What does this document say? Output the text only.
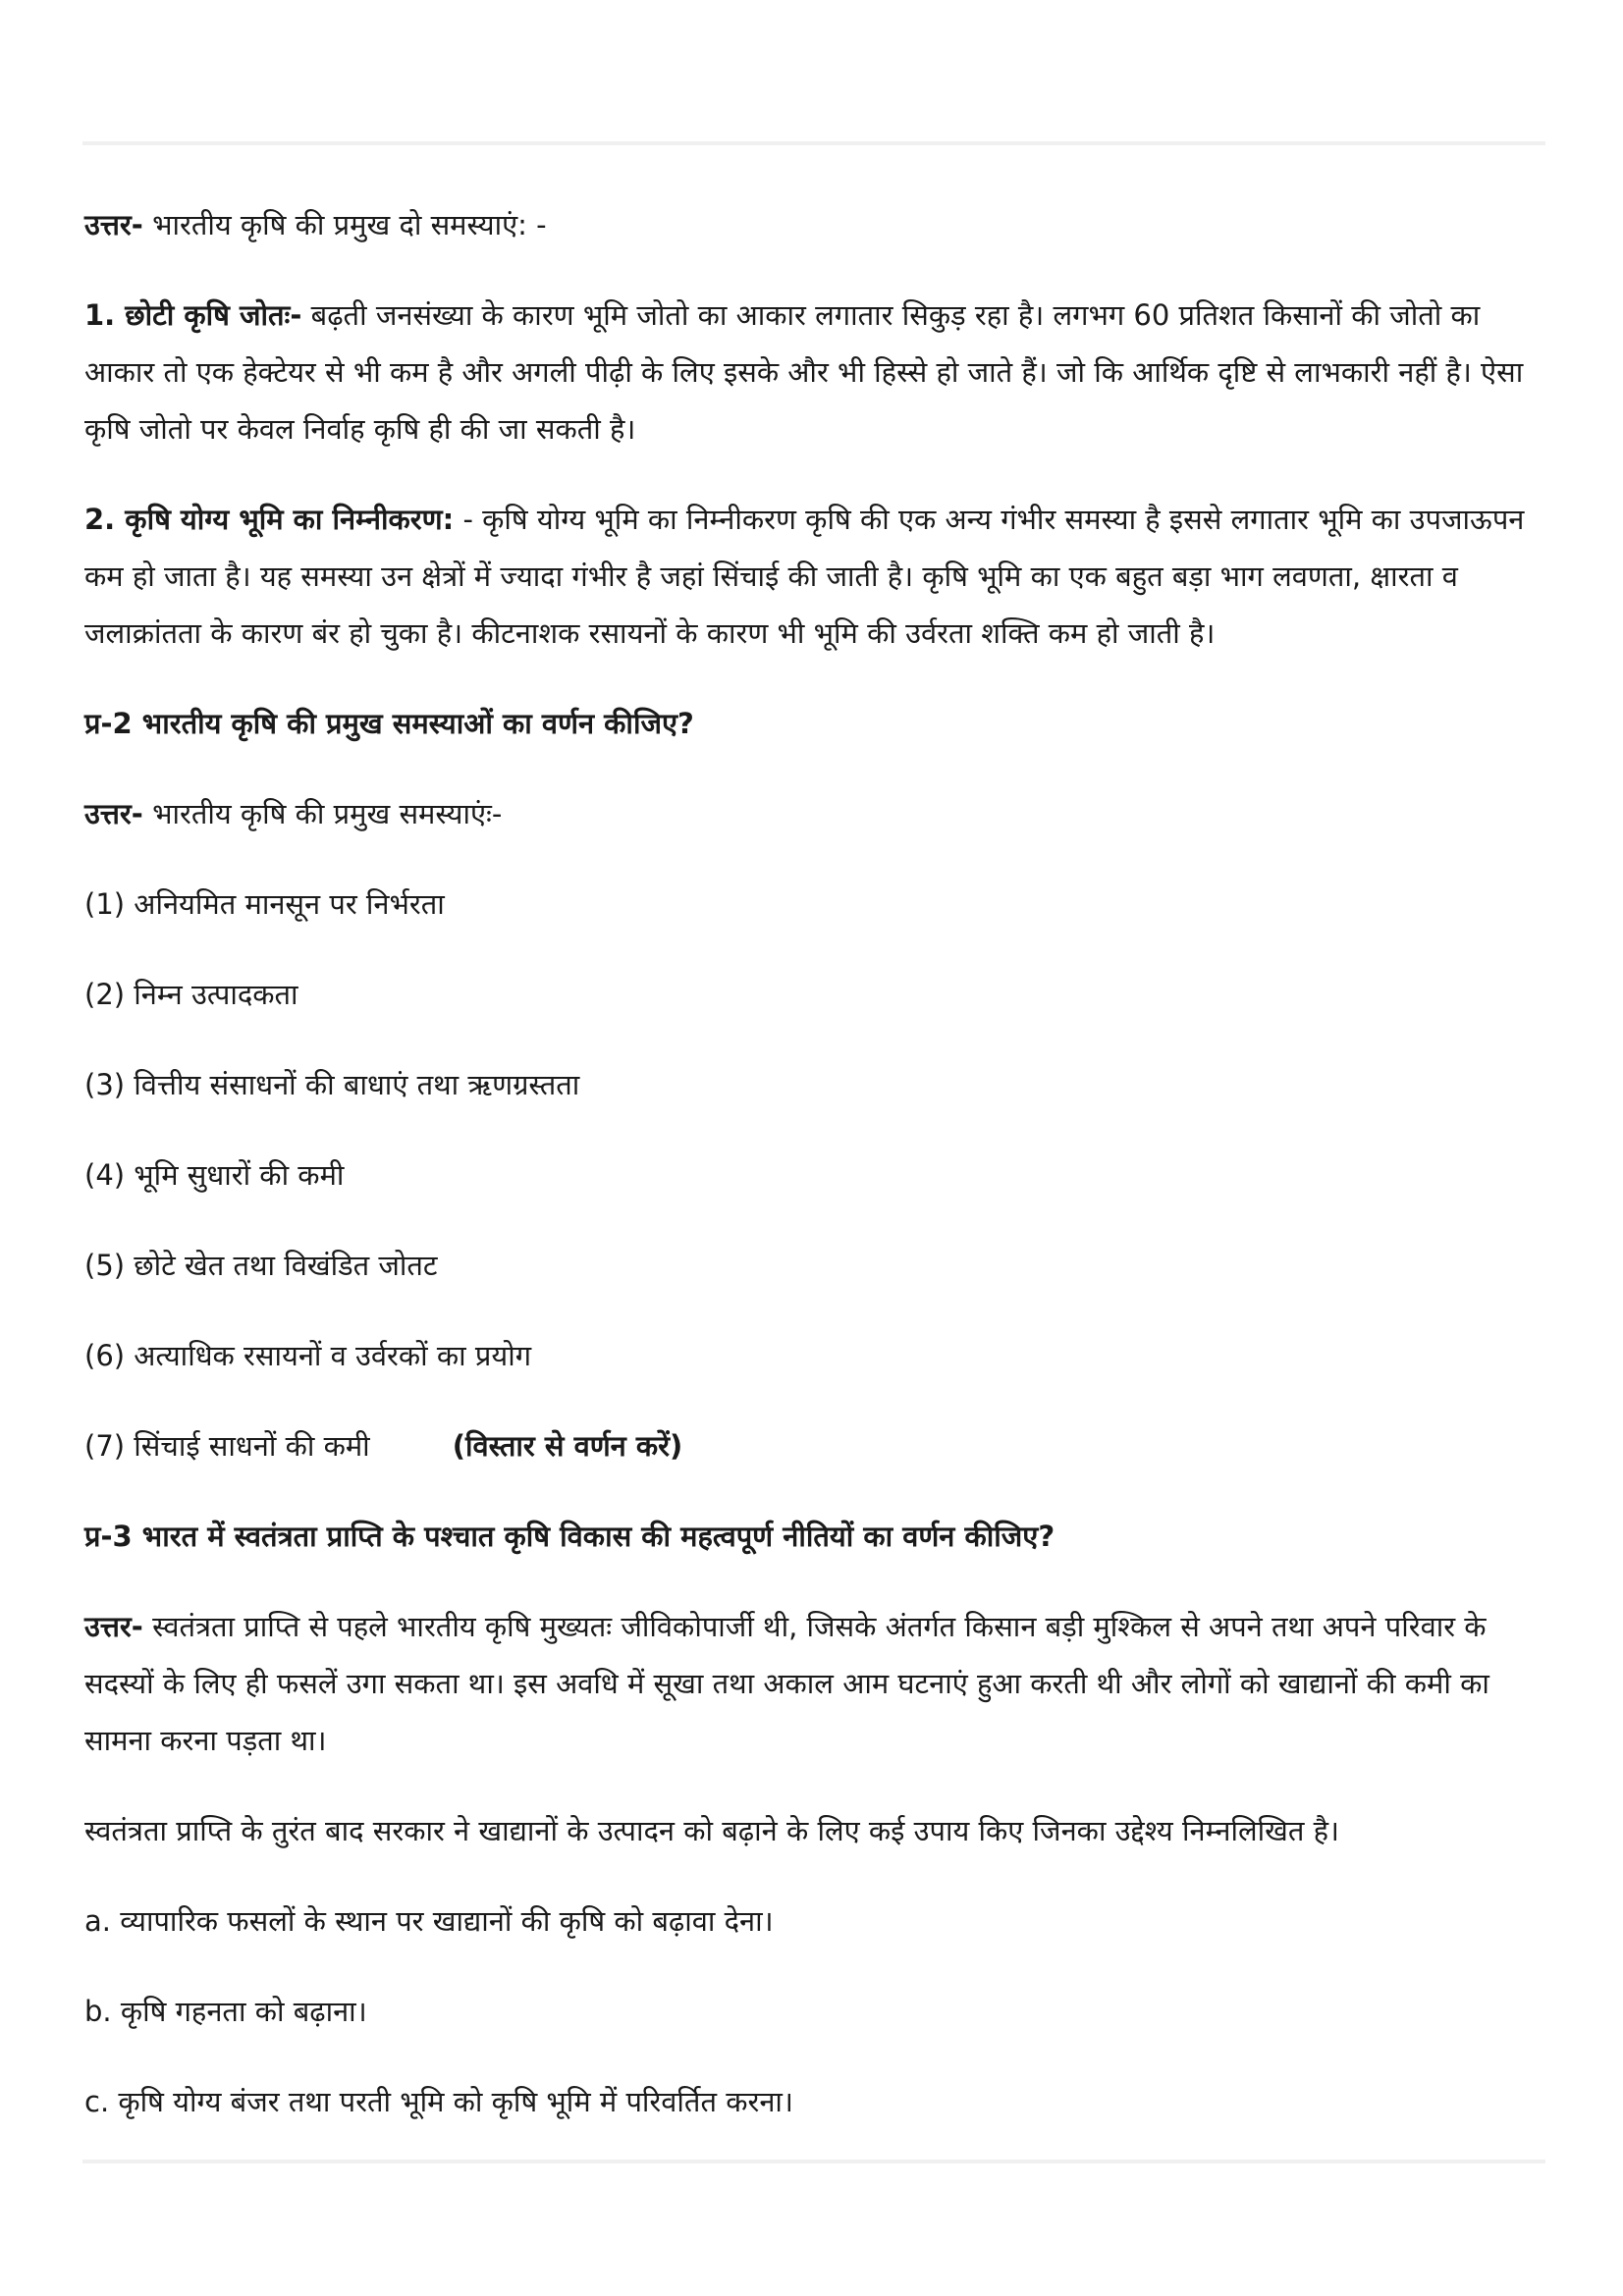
उत्तर- भारतीय कृषि की प्रमुख दो समस्याएं: -

1. छोटी कृषि जोतः- बढ़ती जनसंख्या के कारण भूमि जोतो का आकार लगातार सिकुड़ रहा है। लगभग 60 प्रतिशत किसानों की जोतो का आकार तो एक हेक्टेयर से भी कम है और अगली पीढ़ी के लिए इसके और भी हिस्से हो जाते हैं। जो कि आर्थिक दृष्टि से लाभकारी नहीं है। ऐसा कृषि जोतो पर केवल निर्वाह कृषि ही की जा सकती है।

2. कृषि योग्य भूमि का निम्नीकरण: - कृषि योग्य भूमि का निम्नीकरण कृषि की एक अन्य गंभीर समस्या है इससे लगातार भूमि का उपजाऊपन कम हो जाता है। यह समस्या उन क्षेत्रों में ज्यादा गंभीर है जहां सिंचाई की जाती है। कृषि भूमि का एक बहुत बड़ा भाग लवणता, क्षारता व जलाक्रांतता के कारण बंर हो चुका है। कीटनाशक रसायनों के कारण भी भूमि की उर्वरता शक्ति कम हो जाती है।

प्र-2 भारतीय कृषि की प्रमुख समस्याओं का वर्णन कीजिए?

उत्तर- भारतीय कृषि की प्रमुख समस्याएंः-

(1) अनियमित मानसून पर निर्भरता

(2) निम्न उत्पादकता

(3) वित्तीय संसाधनों की बाधाएं तथा ऋणग्रस्तता

(4) भूमि सुधारों की कमी

(5) छोटे खेत तथा विखंडित जोतट

(6) अत्याधिक रसायनों व उर्वरकों का प्रयोग

(7) सिंचाई साधनों की कमी	(विस्तार से वर्णन करें)

प्र-3 भारत में स्वतंत्रता प्राप्ति के पश्चात कृषि विकास की महत्वपूर्ण नीतियों का वर्णन कीजिए?

उत्तर- स्वतंत्रता प्राप्ति से पहले भारतीय कृषि मुख्यतः जीविकोपार्जी थी, जिसके अंतर्गत किसान बड़ी मुश्किल से अपने तथा अपने परिवार के सदस्यों के लिए ही फसलें उगा सकता था। इस अवधि में सूखा तथा अकाल आम घटनाएं हुआ करती थी और लोगों को खाद्यानों की कमी का सामना करना पड़ता था।

स्वतंत्रता प्राप्ति के तुरंत बाद सरकार ने खाद्यानों के उत्पादन को बढ़ाने के लिए कई उपाय किए जिनका उद्देश्य निम्नलिखित है।

a. व्यापारिक फसलों के स्थान पर खाद्यानों की कृषि को बढ़ावा देना।

b. कृषि गहनता को बढ़ाना।

c. कृषि योग्य बंजर तथा परती भूमि को कृषि भूमि में परिवर्तित करना।
